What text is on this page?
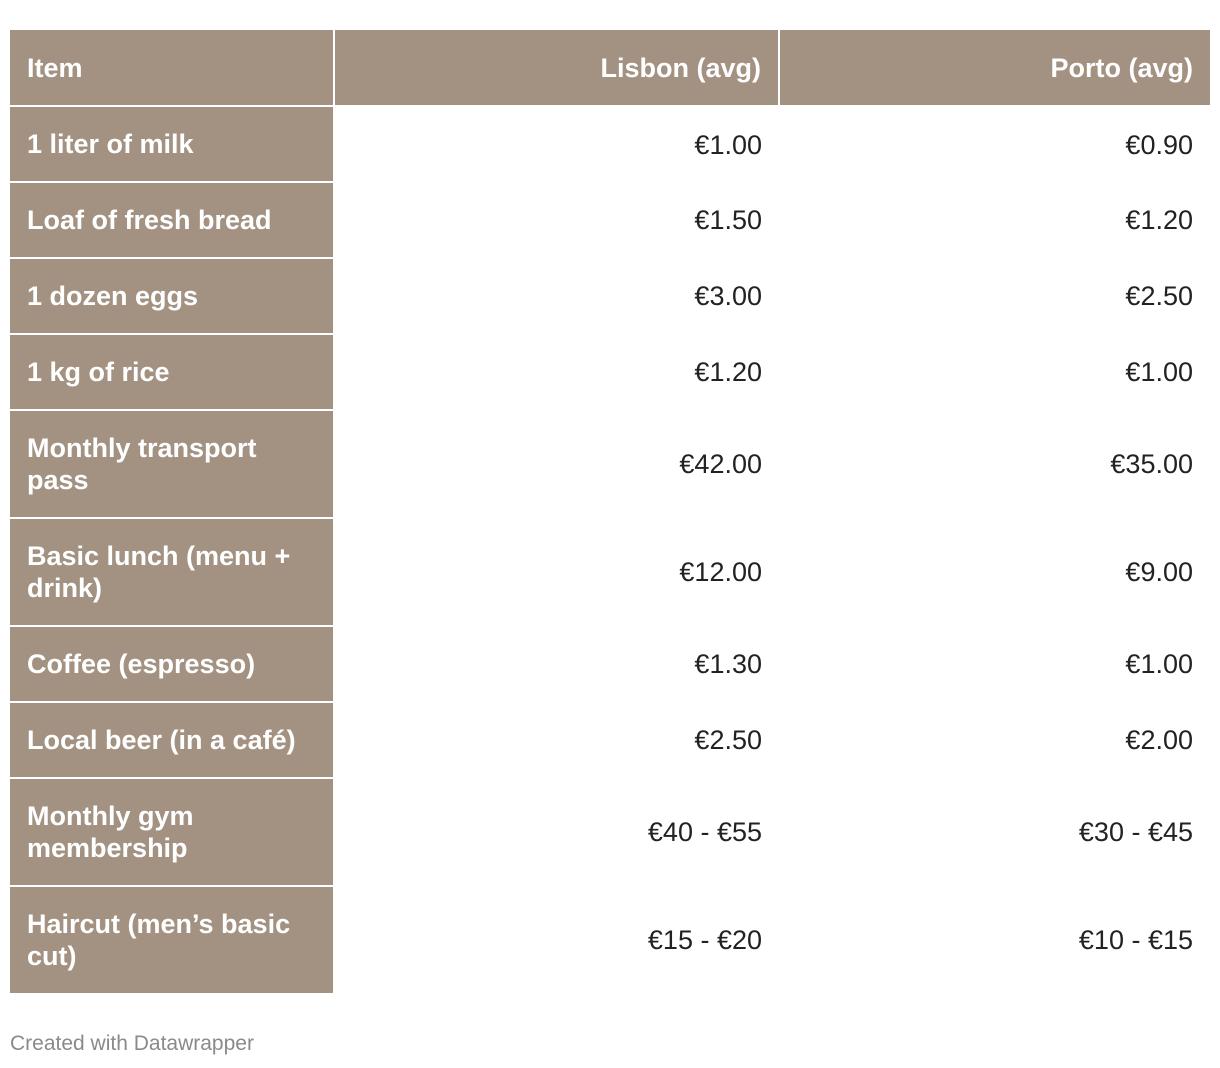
Item	Lisbon (avg)	Porto (avg)
1 liter of milk	€1.00	€0.90
Loaf of fresh bread	€1.50	€1.20
1 dozen eggs	€3.00	€2.50
1 kg of rice	€1.20	€1.00
Monthly transport pass	€42.00	€35.00
Basic lunch (menu + drink)	€12.00	€9.00
Coffee (espresso)	€1.30	€1.00
Local beer (in a café)	€2.50	€2.00
Monthly gym membership	€40 - €55	€30 - €45
Haircut (men’s basic cut)	€15 - €20	€10 - €15
Created with Datawrapper
